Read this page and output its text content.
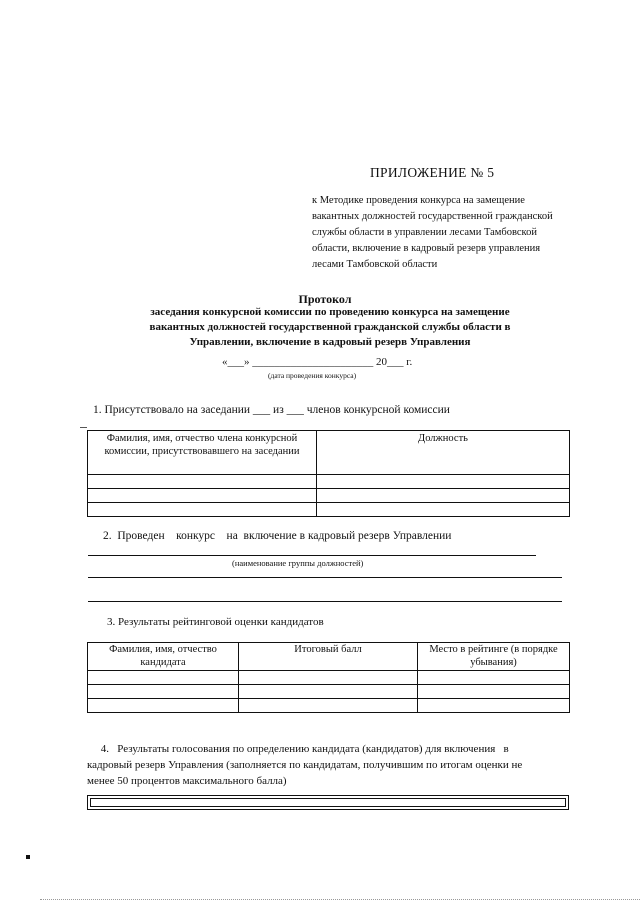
ПРИЛОЖЕНИЕ № 5
к Методике проведения конкурса на замещение
вакантных должностей государственной гражданской
службы области в управлении лесами Тамбовской
области, включение в кадровый резерв управления
лесами Тамбовской области
Протокол
заседания конкурсной комиссии по проведению конкурса на замещение
вакантных должностей государственной гражданской службы области в
Управлении, включение в кадровый резерв Управления
«___» ______________________ 20___ г.
(дата проведения конкурса)
1. Присутствовало на заседании ___ из ___ членов конкурсной комиссии
Фамилия, имя, отчество члена конкурсной комиссии, присутствовавшего на заседании	Должность

2.  Проведен    конкурс    на  включение в кадровый резерв Управлении
(наименование группы должностей)
3. Результаты рейтинговой оценки кандидатов
Фамилия, имя, отчество кандидата	Итоговый балл	Место в рейтинге (в порядке убывания)

4.   Результаты голосования по определению кандидата (кандидатов) для включения   в
кадровый резерв Управления (заполняется по кандидатам, получившим по итогам оценки не
менее 50 процентов максимального балла)
